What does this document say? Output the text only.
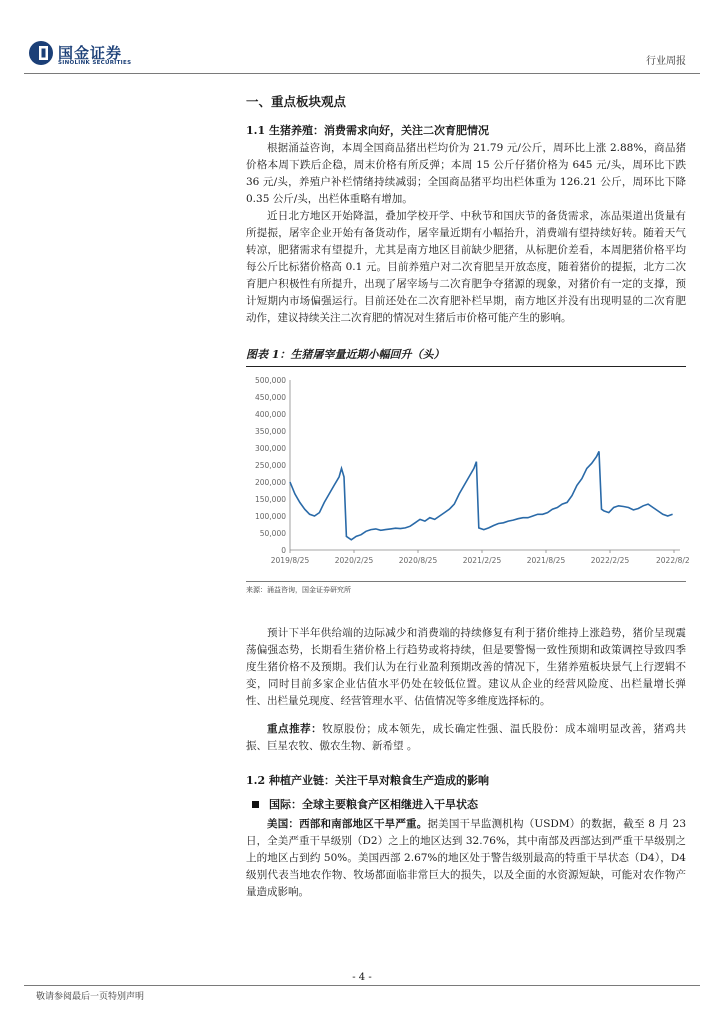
国金证券
SINOLINK SECURITIES	行业周报
一、重点板块观点
1.1 生猪养殖：消费需求向好，关注二次育肥情况

根据涌益咨询，本周全国商品猪出栏均价为 21.79 元/公斤，周环比上涨 2.88%，商品猪价格本周下跌后企稳，周末价格有所反弹；本周 15 公斤仔猪价格为 645 元/头，周环比下跌 36 元/头，养殖户补栏情绪持续减弱；全国商品猪平均出栏体重为 126.21 公斤，周环比下降 0.35 公斤/头，出栏体重略有增加。

近日北方地区开始降温，叠加学校开学、中秋节和国庆节的备货需求，冻品渠道出货量有所提振，屠宰企业开始有备货动作，屠宰量近期有小幅抬升，消费端有望持续好转。随着天气转凉，肥猪需求有望提升，尤其是南方地区目前缺少肥猪，从标肥价差看，本周肥猪价格平均每公斤比标猪价格高 0.1 元。目前养殖户对二次育肥呈开放态度，随着猪价的提振，北方二次育肥户积极性有所提升，出现了屠宰场与二次育肥争夺猪源的现象，对猪价有一定的支撑，预计短期内市场偏强运行。目前还处在二次育肥补栏早期，南方地区并没有出现明显的二次育肥动作，建议持续关注二次育肥的情况对生猪后市价格可能产生的影响。

图表 1：生猪屠宰量近期小幅回升（头）
0
50,000
100,000
150,000
200,000
250,000
300,000
350,000
400,000
450,000
500,000
2019/8/25	2020/2/25	2020/8/25	2021/2/25	2021/8/25	2022/2/25	2022/8/2
来源：涌益咨询，国金证券研究所

预计下半年供给端的边际减少和消费端的持续修复有利于猪价维持上涨趋势，猪价呈现震荡偏强态势，长期看生猪价格上行趋势或将持续，但是要警惕一致性预期和政策调控导致四季度生猪价格不及预期。我们认为在行业盈利预期改善的情况下，生猪养殖板块景气上行逻辑不变，同时目前多家企业估值水平仍处在较低位置。建议从企业的经营风险度、出栏量增长弹性、出栏量兑现度、经营管理水平、估值情况等多维度选择标的。

重点推荐：牧原股份；成本领先，成长确定性强、温氏股份：成本端明显改善，猪鸡共振、巨星农牧、傲农生物、新希望 。

1.2 种植产业链：关注干旱对粮食生产造成的影响
国际：全球主要粮食产区相继进入干旱状态

美国：西部和南部地区干旱严重。据美国干旱监测机构（USDM）的数据，截至 8 月 23 日，全美严重干旱级别（D2）之上的地区达到 32.76%，其中南部及西部达到严重干旱级别之上的地区占到约 50%。美国西部 2.67%的地区处于警告级别最高的特重干旱状态（D4），D4 级别代表当地农作物、牧场都面临非常巨大的损失，以及全面的水资源短缺，可能对农作物产量造成影响。

- 4 -
敬请参阅最后一页特别声明
